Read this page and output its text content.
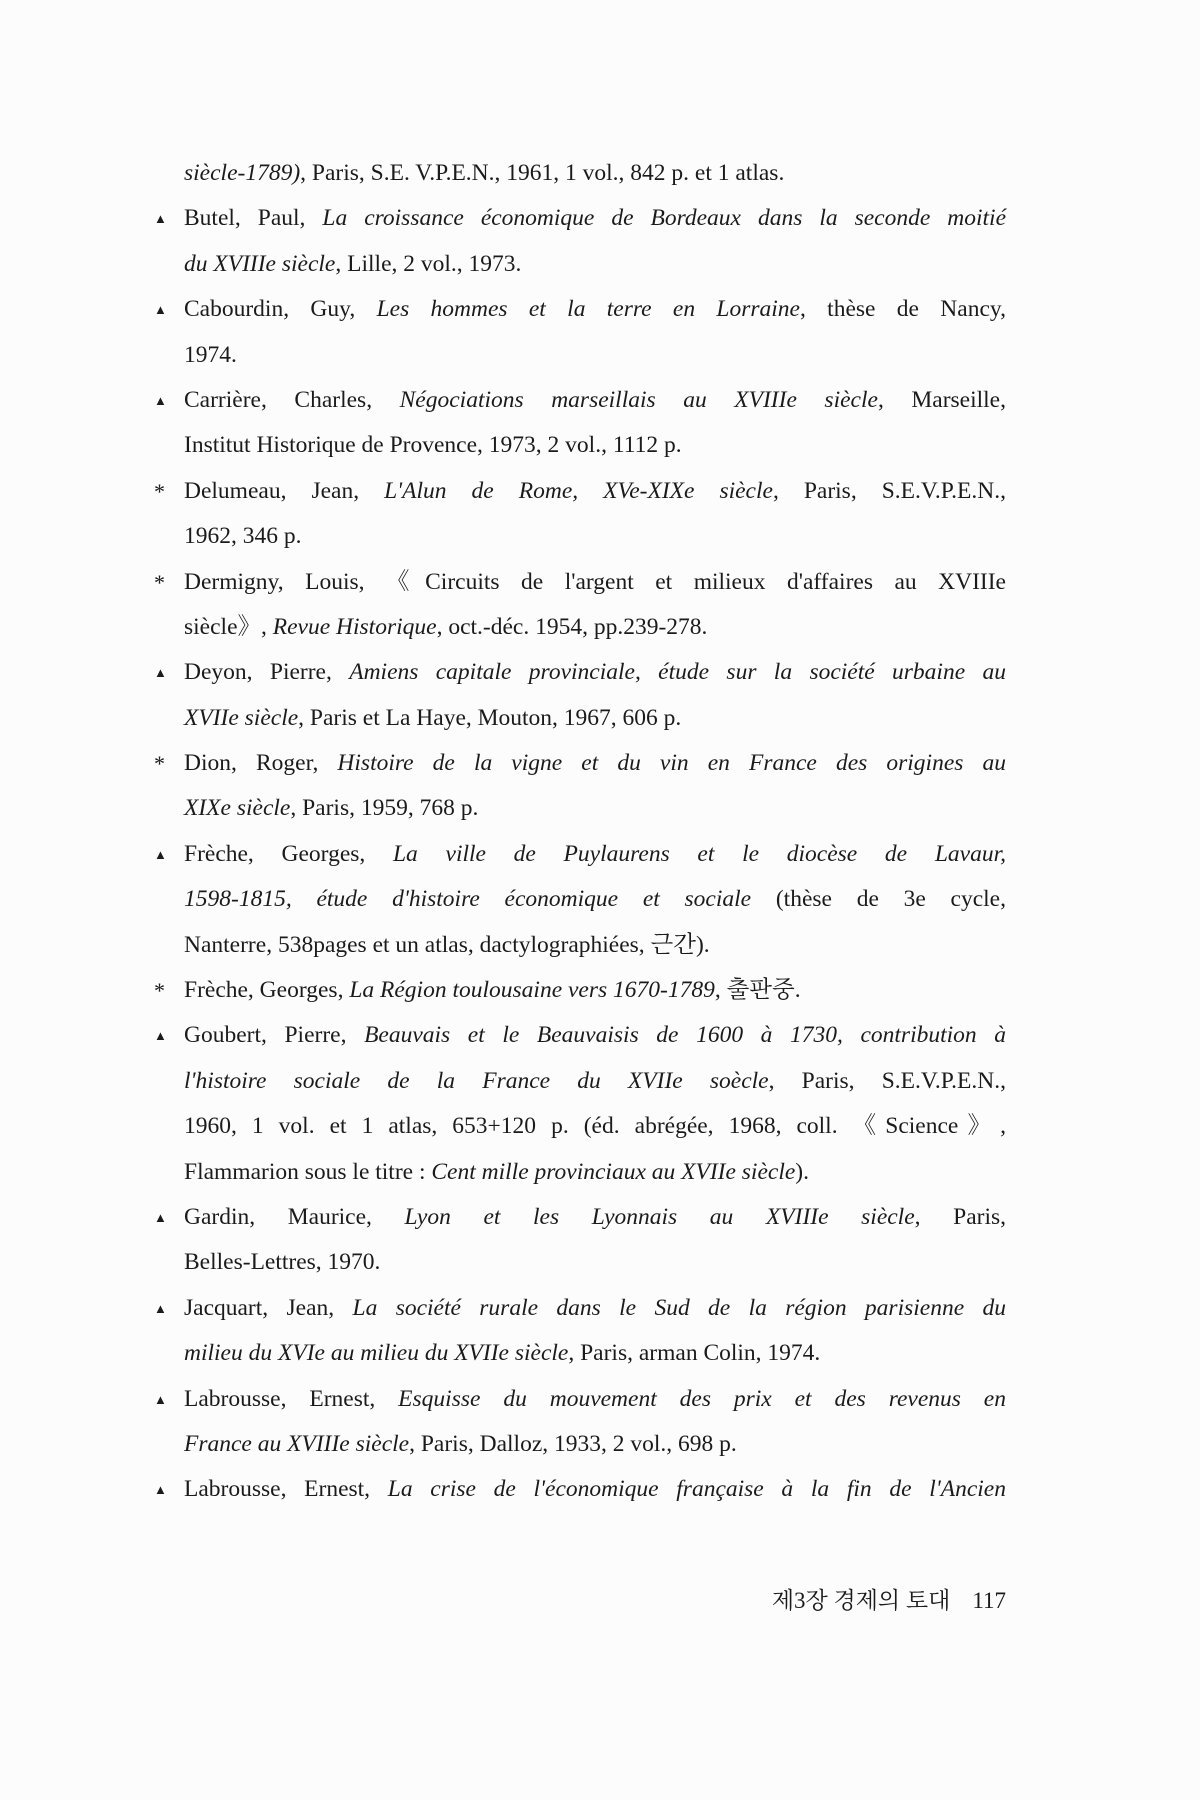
siècle-1789), Paris, S.E. V.P.E.N., 1961, 1 vol., 842 p. et 1 atlas.
▲ Butel, Paul, La croissance économique de Bordeaux dans la seconde moitié
du XVIIIe siècle, Lille, 2 vol., 1973.
▲ Cabourdin, Guy, Les hommes et la terre en Lorraine, thèse de Nancy,
1974.
▲ Carrière, Charles, Négociations marseillais au XVIIIe siècle, Marseille,
Institut Historique de Provence, 1973, 2 vol., 1112 p.
* Delumeau, Jean, L'Alun de Rome, XVe-XIXe siècle, Paris, S.E.V.P.E.N.,
1962, 346 p.
* Dermigny, Louis, 《Circuits de l'argent et milieux d'affaires au XVIIIe
siècle》, Revue Historique, oct.-déc. 1954, pp.239-278.
▲ Deyon, Pierre, Amiens capitale provinciale, étude sur la société urbaine au
XVIIe siècle, Paris et La Haye, Mouton, 1967, 606 p.
* Dion, Roger, Histoire de la vigne et du vin en France des origines au
XIXe siècle, Paris, 1959, 768 p.
▲ Frèche, Georges, La ville de Puylaurens et le diocèse de Lavaur,
1598-1815, étude d'histoire économique et sociale (thèse de 3e cycle,
Nanterre, 538pages et un atlas, dactylographiées, 근간).
* Frèche, Georges, La Région toulousaine vers 1670-1789, 출판중.
▲ Goubert, Pierre, Beauvais et le Beauvaisis de 1600 à 1730, contribution à
l'histoire sociale de la France du XVIIe soècle, Paris, S.E.V.P.E.N.,
1960, 1 vol. et 1 atlas, 653+120 p. (éd. abrégée, 1968, coll. 《Science》,
Flammarion sous le titre : Cent mille provinciaux au XVIIe siècle).
▲ Gardin, Maurice, Lyon et les Lyonnais au XVIIIe siècle, Paris,
Belles-Lettres, 1970.
▲ Jacquart, Jean, La société rurale dans le Sud de la région parisienne du
milieu du XVIe au milieu du XVIIe siècle, Paris, arman Colin, 1974.
▲ Labrousse, Ernest, Esquisse du mouvement des prix et des revenus en
France au XVIIIe siècle, Paris, Dalloz, 1933, 2 vol., 698 p.
▲ Labrousse, Ernest, La crise de l'économique française à la fin de l'Ancien
제3장 경제의 토대 117
